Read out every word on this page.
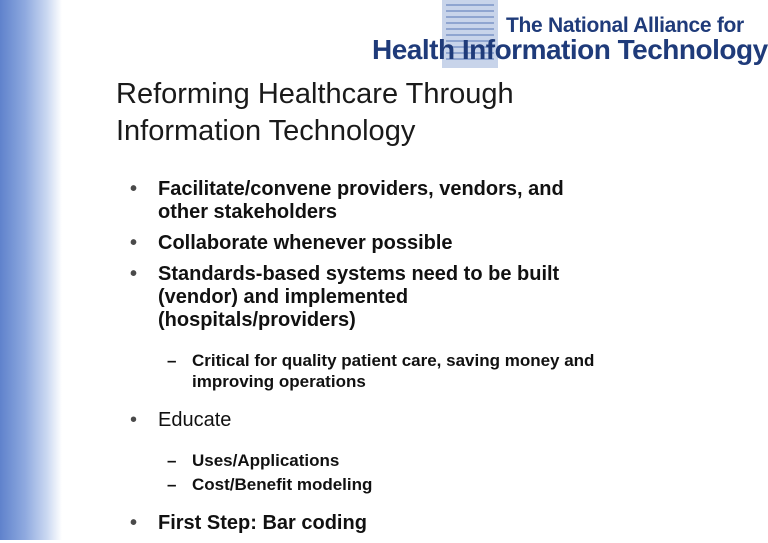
The National Alliance for
Health Information Technology
Reforming Healthcare Through
Information Technology
• Facilitate/convene providers, vendors, and
other stakeholders
• Collaborate whenever possible
• Standards-based systems need to be built
(vendor) and implemented
(hospitals/providers)
– Critical for quality patient care, saving money and
improving operations
• Educate
– Uses/Applications
– Cost/Benefit modeling
• First Step: Bar coding
